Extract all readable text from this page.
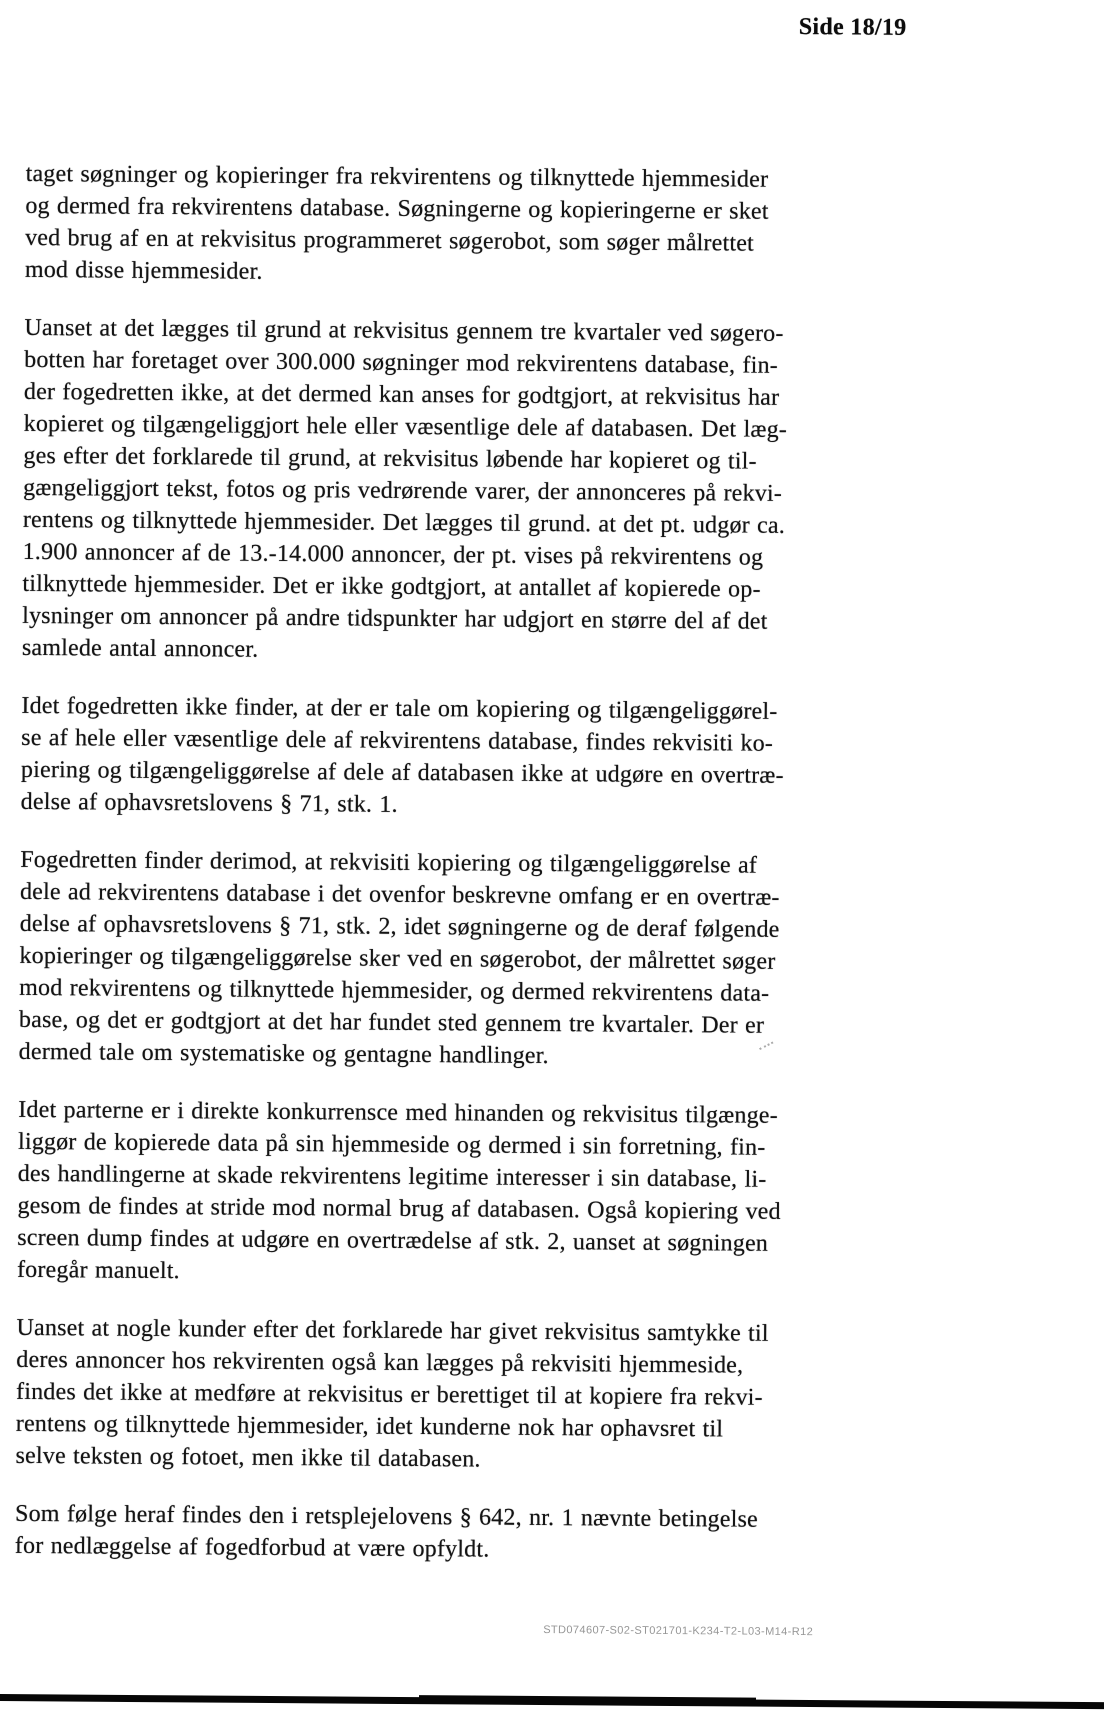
Side 18/19

taget søgninger og kopieringer fra rekvirentens og tilknyttede hjemmesider
og dermed fra rekvirentens database. Søgningerne og kopieringerne er sket
ved brug af en at rekvisitus programmeret søgerobot, som søger målrettet
mod disse hjemmesider.

Uanset at det lægges til grund at rekvisitus gennem tre kvartaler ved søgero-
botten har foretaget over 300.000 søgninger mod rekvirentens database, fin-
der fogedretten ikke, at det dermed kan anses for godtgjort, at rekvisitus har
kopieret og tilgængeliggjort hele eller væsentlige dele af databasen. Det læg-
ges efter det forklarede til grund, at rekvisitus løbende har kopieret og til-
gængeliggjort tekst, fotos og pris vedrørende varer, der annonceres på rekvi-
rentens og tilknyttede hjemmesider. Det lægges til grund. at det pt. udgør ca.
1.900 annoncer af de 13.-14.000 annoncer, der pt. vises på rekvirentens og
tilknyttede hjemmesider. Det er ikke godtgjort, at antallet af kopierede op-
lysninger om annoncer på andre tidspunkter har udgjort en større del af det
samlede antal annoncer.

Idet fogedretten ikke finder, at der er tale om kopiering og tilgængeliggørel-
se af hele eller væsentlige dele af rekvirentens database, findes rekvisiti ko-
piering og tilgængeliggørelse af dele af databasen ikke at udgøre en overtræ-
delse af ophavsretslovens § 71, stk. 1.

Fogedretten finder derimod, at rekvisiti kopiering og tilgængeliggørelse af
dele ad rekvirentens database i det ovenfor beskrevne omfang er en overtræ-
delse af ophavsretslovens § 71, stk. 2, idet søgningerne og de deraf følgende
kopieringer og tilgængeliggørelse sker ved en søgerobot, der målrettet søger
mod rekvirentens og tilknyttede hjemmesider, og dermed rekvirentens data-
base, og det er godtgjort at det har fundet sted gennem tre kvartaler. Der er
dermed tale om systematiske og gentagne handlinger.

Idet parterne er i direkte konkurrensce med hinanden og rekvisitus tilgænge-
liggør de kopierede data på sin hjemmeside og dermed i sin forretning, fin-
des handlingerne at skade rekvirentens legitime interesser i sin database, li-
gesom de findes at stride mod normal brug af databasen. Også kopiering ved
screen dump findes at udgøre en overtrædelse af stk. 2, uanset at søgningen
foregår manuelt.

Uanset at nogle kunder efter det forklarede har givet rekvisitus samtykke til
deres annoncer hos rekvirenten også kan lægges på rekvisiti hjemmeside,
findes det ikke at medføre at rekvisitus er berettiget til at kopiere fra rekvi-
rentens og tilknyttede hjemmesider, idet kunderne nok har ophavsret til
selve teksten og fotoet, men ikke til databasen.

Som følge heraf findes den i retsplejelovens § 642, nr. 1 nævnte betingelse
for nedlæggelse af fogedforbud at være opfyldt.

STD074607-S02-ST021701-K234-T2-L03-M14-R12
